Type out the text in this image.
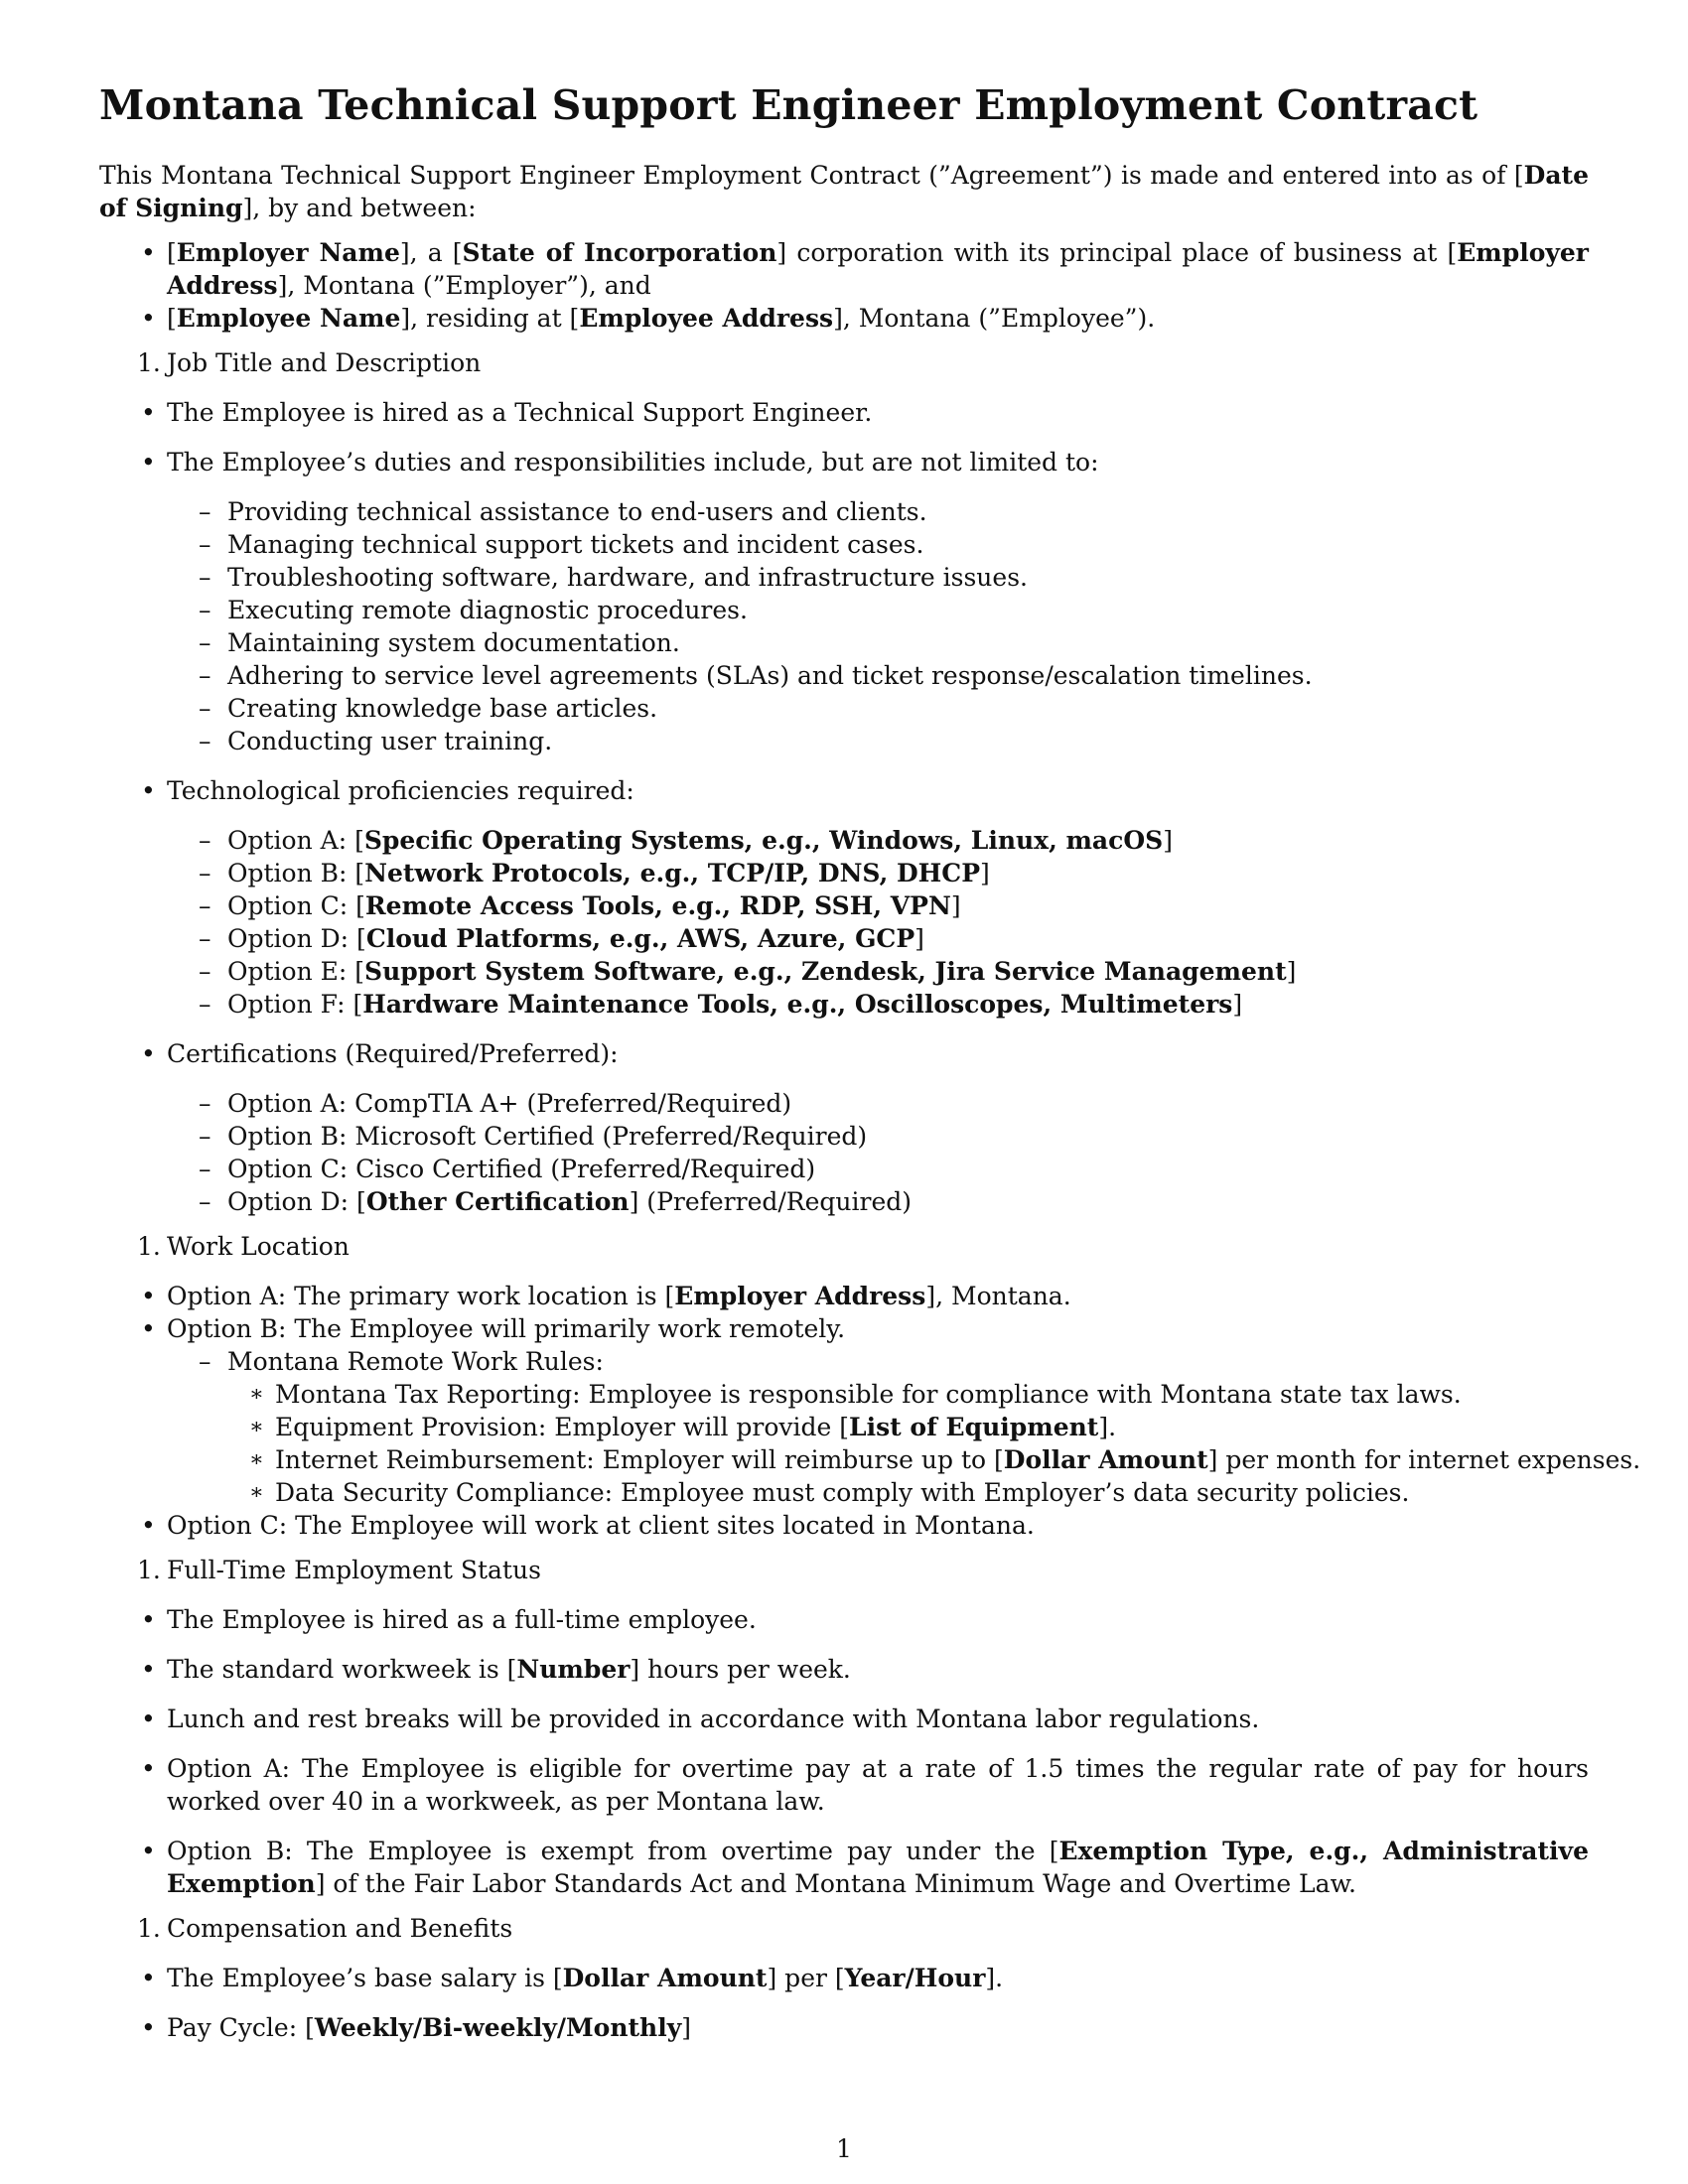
Montana Technical Support Engineer Employment Contract

This Montana Technical Support Engineer Employment Contract (”Agreement”) is made and entered into as of [Date of Signing], by and between:

• [Employer Name], a [State of Incorporation] corporation with its principal place of business at [Employer Address], Montana (”Employer”), and
• [Employee Name], residing at [Employee Address], Montana (”Employee”).
1. Job Title and Description
• The Employee is hired as a Technical Support Engineer.
• The Employee’s duties and responsibilities include, but are not limited to:
– Providing technical assistance to end-users and clients.
– Managing technical support tickets and incident cases.
– Troubleshooting software, hardware, and infrastructure issues.
– Executing remote diagnostic procedures.
– Maintaining system documentation.
– Adhering to service level agreements (SLAs) and ticket response/escalation timelines.
– Creating knowledge base articles.
– Conducting user training.
• Technological proficiencies required:
– Option A: [Specific Operating Systems, e.g., Windows, Linux, macOS]
– Option B: [Network Protocols, e.g., TCP/IP, DNS, DHCP]
– Option C: [Remote Access Tools, e.g., RDP, SSH, VPN]
– Option D: [Cloud Platforms, e.g., AWS, Azure, GCP]
– Option E: [Support System Software, e.g., Zendesk, Jira Service Management]
– Option F: [Hardware Maintenance Tools, e.g., Oscilloscopes, Multimeters]
• Certifications (Required/Preferred):
– Option A: CompTIA A+ (Preferred/Required)
– Option B: Microsoft Certified (Preferred/Required)
– Option C: Cisco Certified (Preferred/Required)
– Option D: [Other Certification] (Preferred/Required)
1. Work Location
• Option A: The primary work location is [Employer Address], Montana.
• Option B: The Employee will primarily work remotely.
– Montana Remote Work Rules:
∗ Montana Tax Reporting: Employee is responsible for compliance with Montana state tax laws.
∗ Equipment Provision: Employer will provide [List of Equipment].
∗ Internet Reimbursement: Employer will reimburse up to [Dollar Amount] per month for internet expenses.
∗ Data Security Compliance: Employee must comply with Employer’s data security policies.
• Option C: The Employee will work at client sites located in Montana.
1. Full-Time Employment Status
• The Employee is hired as a full-time employee.
• The standard workweek is [Number] hours per week.
• Lunch and rest breaks will be provided in accordance with Montana labor regulations.
• Option A: The Employee is eligible for overtime pay at a rate of 1.5 times the regular rate of pay for hours worked over 40 in a workweek, as per Montana law.
• Option B: The Employee is exempt from overtime pay under the [Exemption Type, e.g., Administrative Exemption] of the Fair Labor Standards Act and Montana Minimum Wage and Overtime Law.
1. Compensation and Benefits
• The Employee’s base salary is [Dollar Amount] per [Year/Hour].
• Pay Cycle: [Weekly/Bi-weekly/Monthly]
1
